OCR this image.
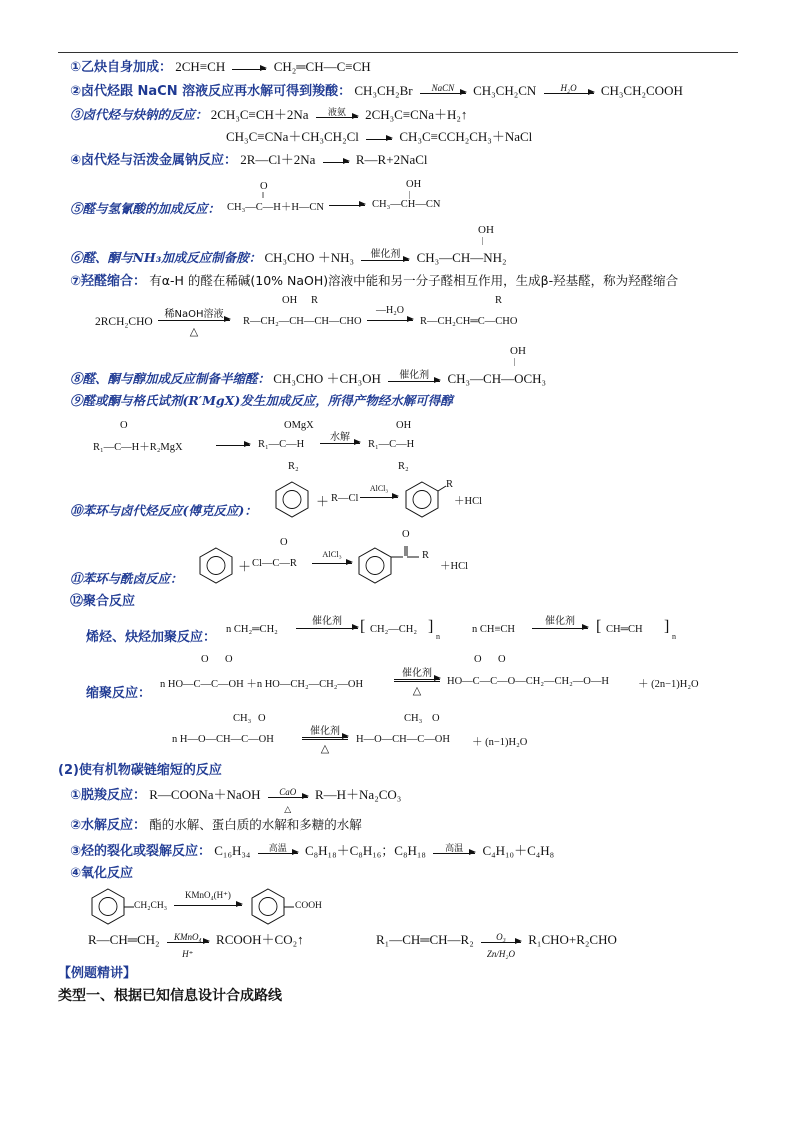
①乙炔自身加成： 2CH≡CH	CH₂═CH—C≡CH
②卤代烃跟 NaCN 溶液反应再水解可得到羧酸： CH₃CH₂Br	NaCN	CH₃CH₂CN	H₂O	CH₃CH₂COOH
③卤代烃与炔钠的反应： 2CH₃C≡CH＋2Na	液氨	2CH₃C≡CNa＋H₂↑
CH₃C≡CNa＋CH₃CH₂Cl	CH₃C≡CCH₂CH₃＋NaCl
④卤代烃与活泼金属钠反应： 2R—Cl＋2Na	R—R+2NaCl
⑤醛与氢氰酸的加成反应：
O
‖
CH₃—C—H＋H—CN
OH
|
CH₃—CH—CN
⑥醛、酮与NH₃加成反应制备胺： CH₃CHO ＋NH₃	催化剂	CH₃—CH—NH₂
OH
|
⑦羟醛缩合： 有α-H 的醛在稀碱(10% NaOH)溶液中能和另一分子醛相互作用，生成β-羟基醛，称为羟醛缩合
2RCH₂CHO
稀NaOH溶液
△
OH R
R—CH₂—CH—CH—CHO
—H₂O
R
R—CH₂CH═C—CHO
⑧醛、酮与醇加成反应制备半缩醛： CH₃CHO ＋CH₃OH	催化剂	CH₃—CH—OCH₃
OH
|
⑨醛或酮与格氏试剂(R′MgX)发生加成反应，所得产物经水解可得醇
O
R₁—C—H＋R₂MgX
OMgX
R₁—C—H
R₂
水解
OH
R₁—C—H
R₂
⑩苯环与卤代烃反应(傅克反应)：
＋ R—Cl
AlCl₃	R
＋HCl
⑪苯环与酰卤反应：
＋
O
Cl—C—R
AlCl₃
O
R
＋HCl
⑫聚合反应
烯烃、炔烃加聚反应：
n CH₂═CH₂
催化剂	[ CH₂—CH₂ ]
n
n CH≡CH
催化剂	[ CH═CH ]
n
缩聚反应：
O O
n HO—C—C—OH ＋n HO—CH₂—CH₂—OH
催化剂
△
O O
HO—C—C—O—CH₂—CH₂—O—H	＋ (2n−1)H₂O
CH₃ O
n H—O—CH—C—OH
催化剂
△
CH₃ O
H—O—CH—C—OH ＋ (n−1)H₂O
(2)使有机物碳链缩短的反应
①脱羧反应： R—COONa＋NaOH	CaO
△
R—H＋Na₂CO₃
②水解反应： 酯的水解、蛋白质的水解和多糖的水解
③烃的裂化或裂解反应： C₁₆H₃₄	高温	C₈H₁₈＋C₈H₁₆；C₈H₁₈	高温	C₄H₁₀＋C₄H₈
④氧化反应
CH₂CH₃
KMnO₄(H⁺)
COOH
R—CH═CH₂	KMnO₄
H⁺
RCOOH＋CO₂↑	R₁—CH═CH—R₂ $\frac{\text{O₃}}{\text{Zn/H₂O}} R_1CHO+R_2CHO$
【例题精讲】
类型一、根据已知信息设计合成路线
